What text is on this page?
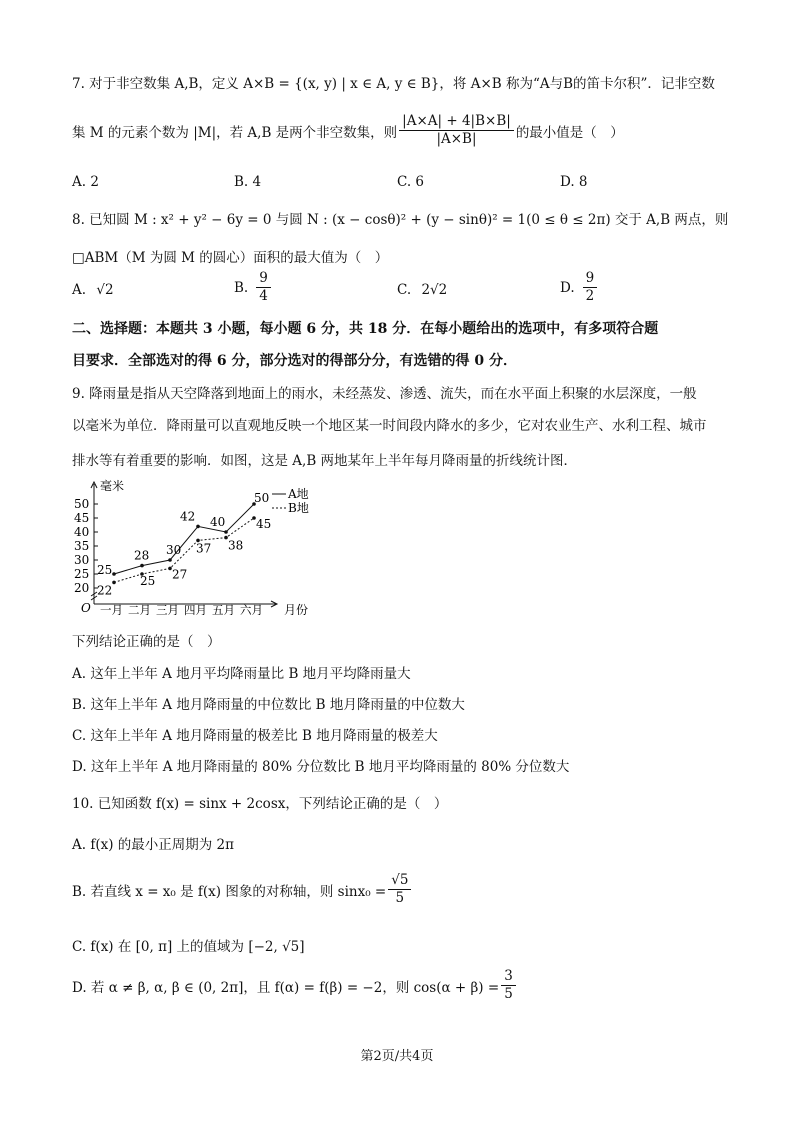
7. 对于非空数集 A,B，定义 A×B = {(x, y) | x ∈ A, y ∈ B}，将 A×B 称为“A与B的笛卡尔积”．记非空数
集 M 的元素个数为 |M|，若 A,B 是两个非空数集，则 $\frac{|A\times A| + 4|B\times B|}{|A\times B|}$ 的最小值是（　）
A. 2	B. 4	C. 6	D. 8
8. 已知圆 M : x² + y² − 6y = 0 与圆 N : (x − cosθ)² + (y − sinθ)² = 1(0 ≤ θ ≤ 2π) 交于 A,B 两点，则
□ABM（M 为圆 M 的圆心）面积的最大值为（　）
A. √2	B. $\frac{9}{4}$	C. 2√2	D. $\frac{9}{2}$
二、选择题：本题共 3 小题，每小题 6 分，共 18 分．在每小题给出的选项中，有多项符合题
目要求．全部选对的得 6 分，部分选对的得部分分，有选错的得 0 分．
9. 降雨量是指从天空降落到地面上的雨水，未经蒸发、渗透、流失，而在水平面上积聚的水层深度，一般
以毫米为单位．降雨量可以直观地反映一个地区某一时间段内降水的多少，它对农业生产、水利工程、城市
排水等有着重要的影响．如图，这是 A,B 两地某年上半年每月降雨量的折线统计图．
毫米
O	月份
20
25
30
35
40
45
50
一月 二月 三月 四月 五月 六月
25
28 30
42 40
50
22
25 27
37 38
45
A地
B地
下列结论正确的是（　）
A. 这年上半年 A 地月平均降雨量比 B 地月平均降雨量大
B. 这年上半年 A 地月降雨量的中位数比 B 地月降雨量的中位数大
C. 这年上半年 A 地月降雨量的极差比 B 地月降雨量的极差大
D. 这年上半年 A 地月降雨量的 80% 分位数比 B 地月平均降雨量的 80% 分位数大
10. 已知函数 f(x) = sinx + 2cosx，下列结论正确的是（　）
A. f(x) 的最小正周期为 2π
B. 若直线 x = x₀ 是 f(x) 图象的对称轴，则 $\sin x_0 = \frac{√5}{5}$
C. f(x) 在 [0, π] 上的值域为 [−2, √5]
D. 若 α ≠ β, α, β ∈ (0, 2π]，且 f(α) = f(β) = −2，则 $\cos(\alpha + \beta) = \frac{3}{5}$
第2页/共4页
